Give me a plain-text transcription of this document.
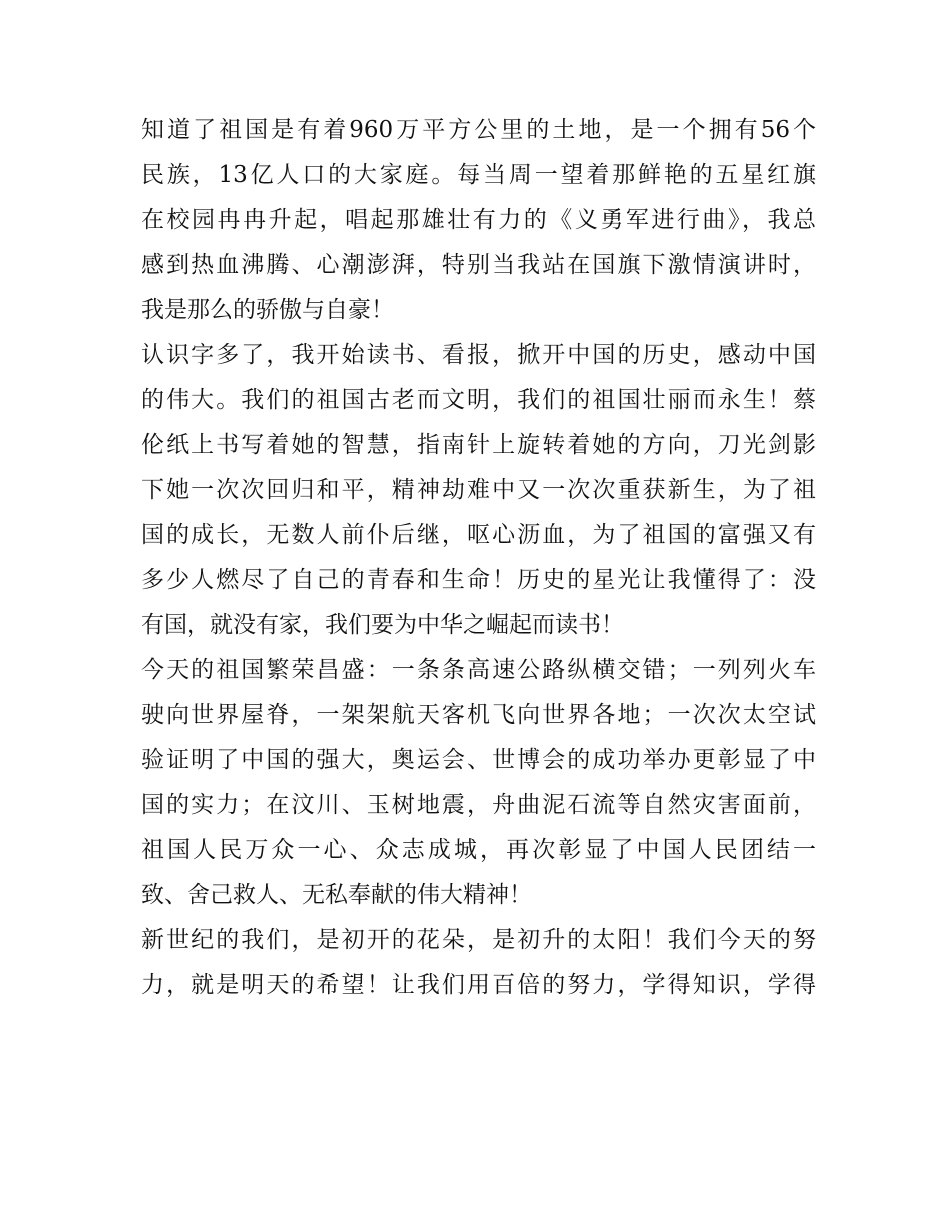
知道了祖国是有着960万平方公里的土地，是一个拥有56个
民族，13亿人口的大家庭。每当周一望着那鲜艳的五星红旗
在校园冉冉升起，唱起那雄壮有力的《义勇军进行曲》，我总
感到热血沸腾、心潮澎湃，特别当我站在国旗下激情演讲时，
我是那么的骄傲与自豪！
认识字多了，我开始读书、看报，掀开中国的历史，感动中国
的伟大。我们的祖国古老而文明，我们的祖国壮丽而永生！蔡
伦纸上书写着她的智慧，指南针上旋转着她的方向，刀光剑影
下她一次次回归和平，精神劫难中又一次次重获新生，为了祖
国的成长，无数人前仆后继，呕心沥血，为了祖国的富强又有
多少人燃尽了自己的青春和生命！历史的星光让我懂得了：没
有国，就没有家，我们要为中华之崛起而读书！
今天的祖国繁荣昌盛：一条条高速公路纵横交错；一列列火车
驶向世界屋脊，一架架航天客机飞向世界各地；一次次太空试
验证明了中国的强大，奥运会、世博会的成功举办更彰显了中
国的实力；在汶川、玉树地震，舟曲泥石流等自然灾害面前，
祖国人民万众一心、众志成城，再次彰显了中国人民团结一
致、舍己救人、无私奉献的伟大精神！
新世纪的我们，是初开的花朵，是初升的太阳！我们今天的努
力，就是明天的希望！让我们用百倍的努力，学得知识，学得
